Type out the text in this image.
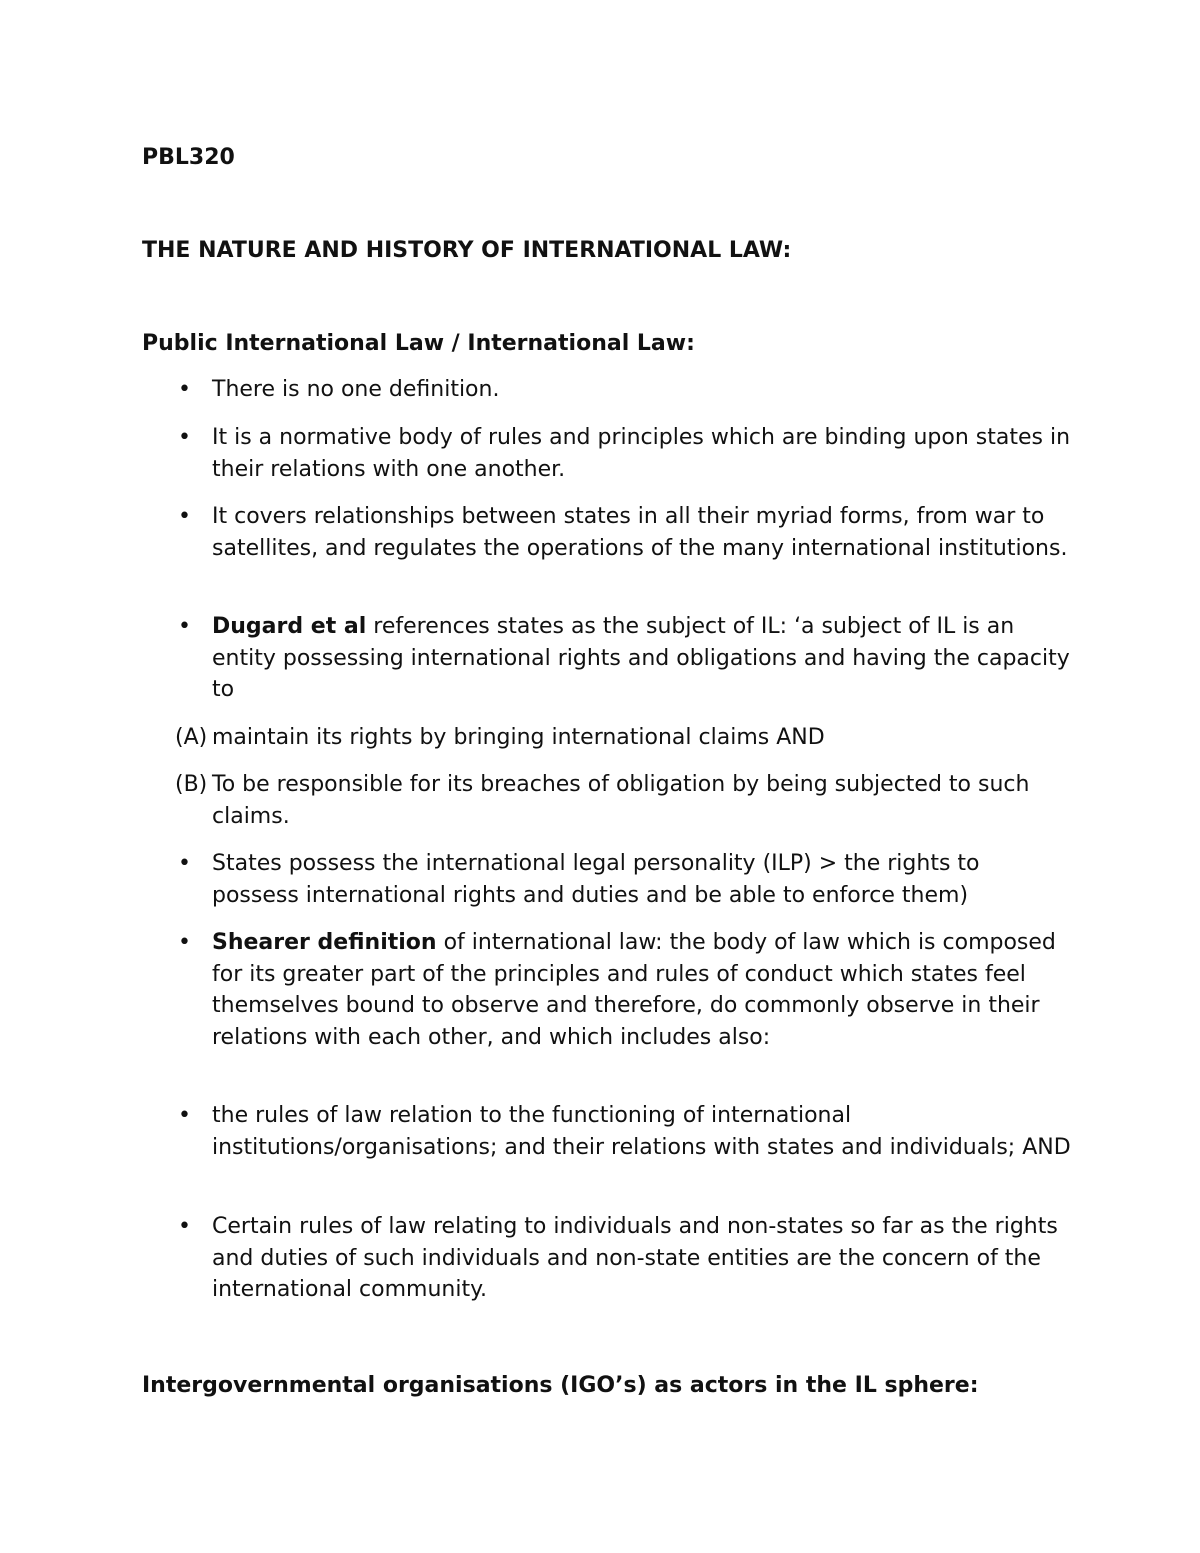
PBL320

THE NATURE AND HISTORY OF INTERNATIONAL LAW:

Public International Law / International Law:

• There is no one definition.
• It is a normative body of rules and principles which are binding upon states in their relations with one another.
• It covers relationships between states in all their myriad forms, from war to satellites, and regulates the operations of the many international institutions.
• Dugard et al references states as the subject of IL: ‘a subject of IL is an entity possessing international rights and obligations and having the capacity to
(A) maintain its rights by bringing international claims AND
(B) To be responsible for its breaches of obligation by being subjected to such claims.
• States possess the international legal personality (ILP) > the rights to possess international rights and duties and be able to enforce them)
• Shearer definition of international law: the body of law which is composed for its greater part of the principles and rules of conduct which states feel themselves bound to observe and therefore, do commonly observe in their relations with each other, and which includes also:
• the rules of law relation to the functioning of international institutions/organisations; and their relations with states and individuals; AND
• Certain rules of law relating to individuals and non-states so far as the rights and duties of such individuals and non-state entities are the concern of the international community.

Intergovernmental organisations (IGO’s) as actors in the IL sphere:
